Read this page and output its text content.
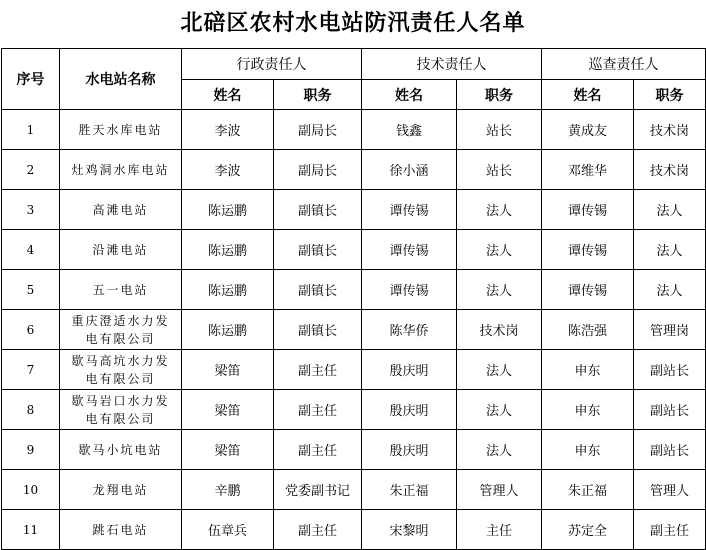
北碚区农村水电站防汛责任人名单
序号	水电站名称	行政责任人		技术责任人		巡查责任人	
		姓名	职务	姓名	职务	姓名	职务
1	胜天水库电站	李波	副局长	钱鑫	站长	黄成友	技术岗
2	灶鸡洞水库电站	李波	副局长	徐小涵	站长	邓维华	技术岗
3	高滩电站	陈运鹏	副镇长	谭传锡	法人	谭传锡	法人
4	沿滩电站	陈运鹏	副镇长	谭传锡	法人	谭传锡	法人
5	五一电站	陈运鹏	副镇长	谭传锡	法人	谭传锡	法人
6	重庆澄适水力发电有限公司	陈运鹏	副镇长	陈华侨	技术岗	陈浩强	管理岗
7	歇马高坑水力发电有限公司	梁笛	副主任	殷庆明	法人	申东	副站长
8	歇马岩口水力发电有限公司	梁笛	副主任	殷庆明	法人	申东	副站长
9	歇马小坑电站	梁笛	副主任	殷庆明	法人	申东	副站长
10	龙翔电站	辛鹏	党委副书记	朱正福	管理人	朱正福	管理人
11	跳石电站	伍章兵	副主任	宋黎明	主任	苏定全	副主任
